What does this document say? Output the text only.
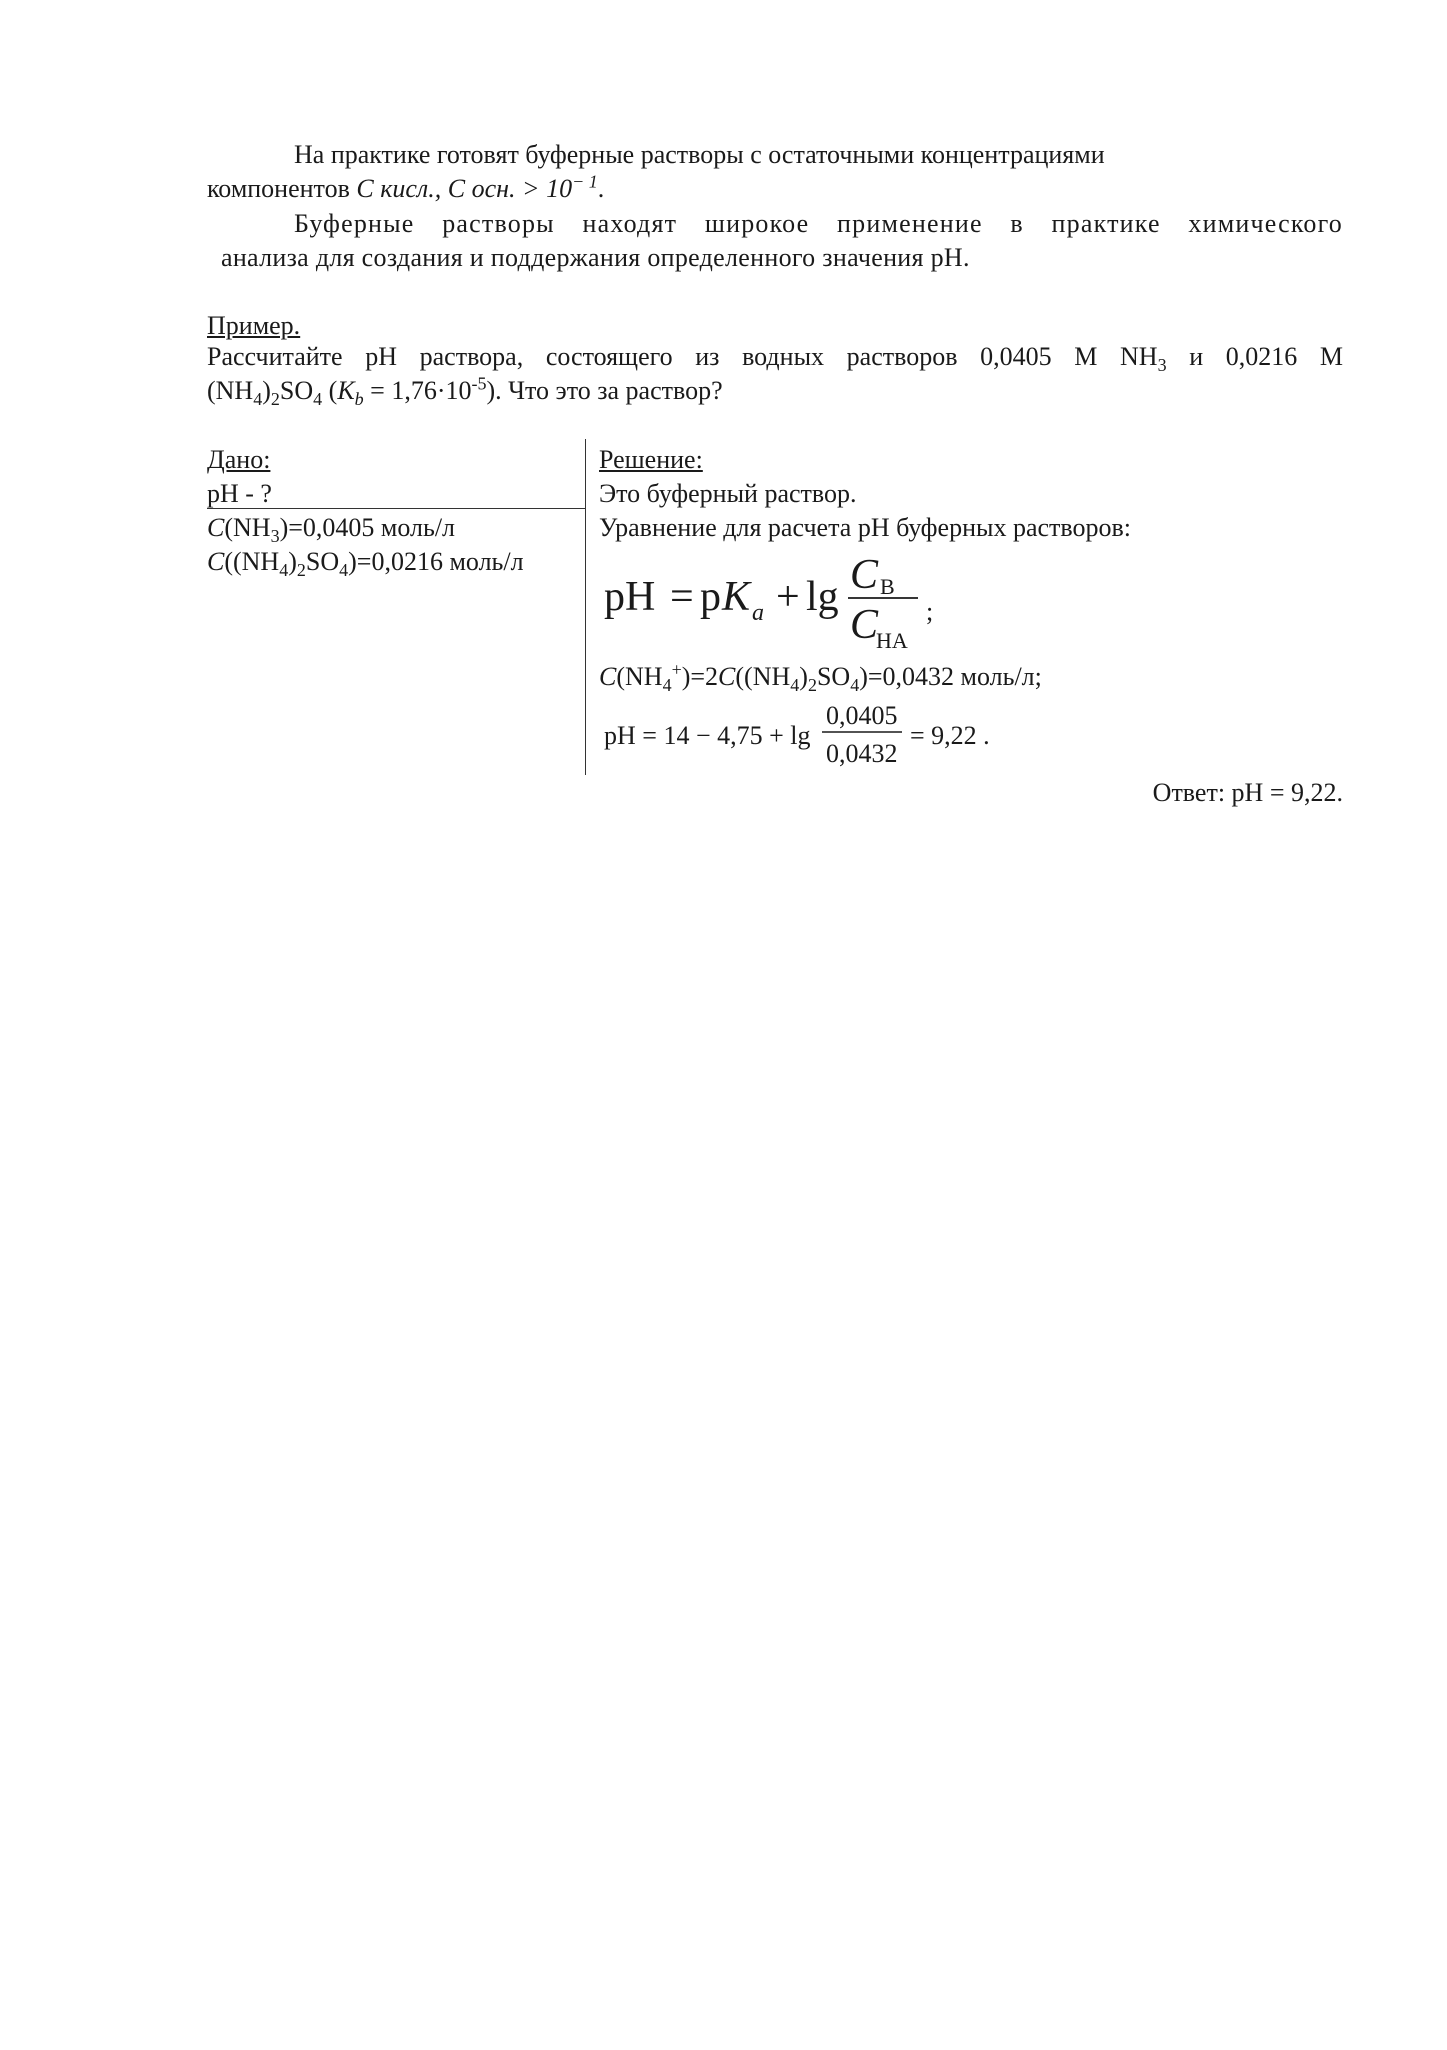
На практике готовят буферные растворы с остаточными концентрациями
компонентов С кисл., С осн. > $10^{- 1}$.
Буферные растворы находят широкое применение в практике химического
анализа для создания и поддержания определенного значения рН.
Пример.
Рассчитайте рН раствора, состоящего из водных растворов 0,0405 М $NH_3$ и 0,0216 М
$(NH_4)_2SO_4$ $(K_b = 1,76\cdot 10^{-5})$. Что это за раствор?
Дано:
рН - ?
$C(NH_3)=0,0405$ моль/л
$C((NH_4)_2SO_4)=0,0216$ моль/л
Решение:
Это буферный раствор.
Уравнение для расчета рН буферных растворов:
pH = p K a + lg C B
C
HA
;
$C(NH_4^+)=2C((NH_4)_2SO_4)=0,0432$ моль/л;
pH = 14 − 4,75 + lg
0,0405
0,0432
= 9,22 .
Ответ: рН = 9,22.
